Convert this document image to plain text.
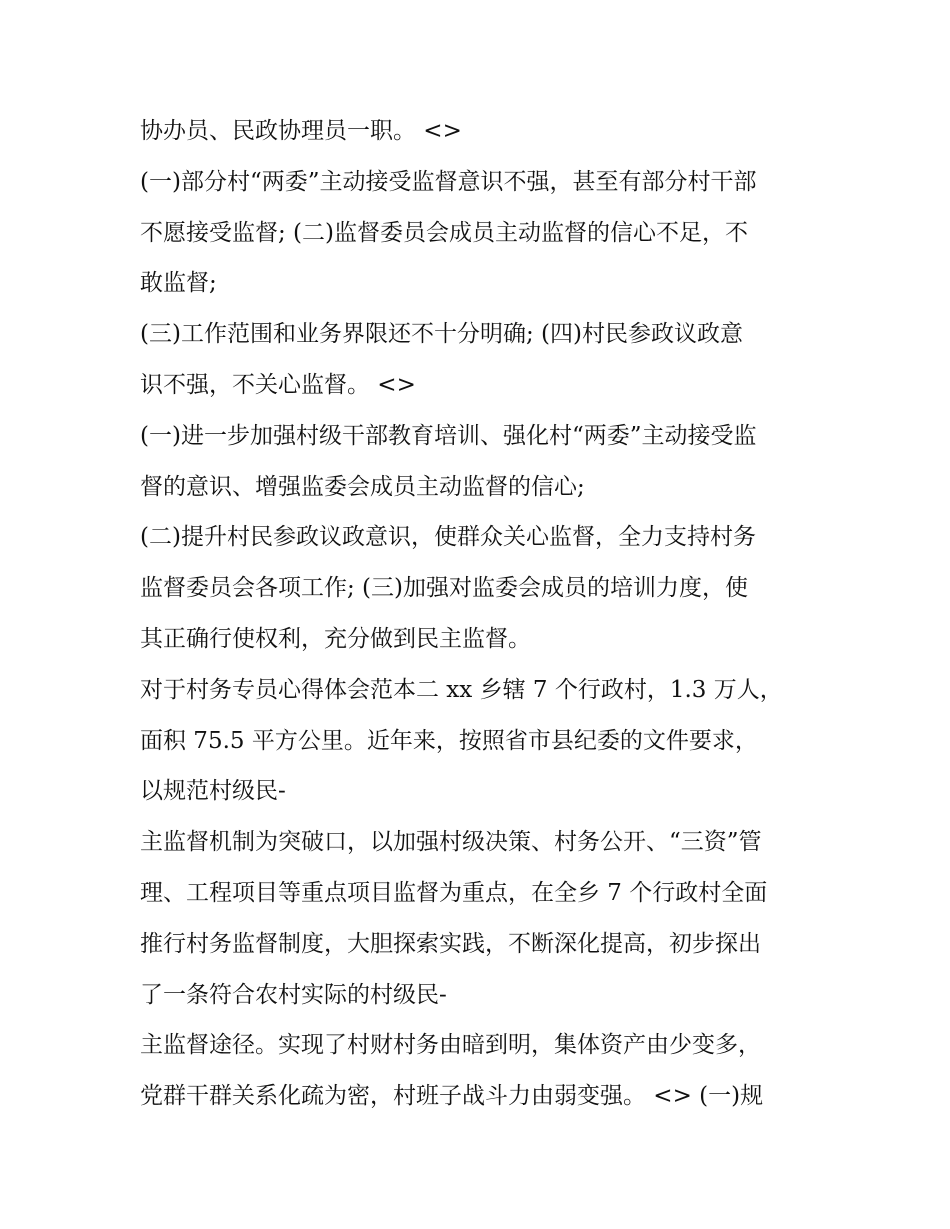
协办员、民政协理员一职。 <>
(一)部分村“两委”主动接受监督意识不强，甚至有部分村干部
不愿接受监督; (二)监督委员会成员主动监督的信心不足，不
敢监督;
(三)工作范围和业务界限还不十分明确; (四)村民参政议政意
识不强，不关心监督。 <>
(一)进一步加强村级干部教育培训、强化村“两委”主动接受监
督的意识、增强监委会成员主动监督的信心;
(二)提升村民参政议政意识，使群众关心监督，全力支持村务
监督委员会各项工作; (三)加强对监委会成员的培训力度，使
其正确行使权利，充分做到民主监督。
对于村务专员心得体会范本二 xx 乡辖 7 个行政村，1.3 万人，
面积 75.5 平方公里。近年来，按照省市县纪委的文件要求，
以规范村级民-
主监督机制为突破口，以加强村级决策、村务公开、“三资”管
理、工程项目等重点项目监督为重点，在全乡 7 个行政村全面
推行村务监督制度，大胆探索实践，不断深化提高，初步探出
了一条符合农村实际的村级民-
主监督途径。实现了村财村务由暗到明，集体资产由少变多，
党群干群关系化疏为密，村班子战斗力由弱变强。 <> (一)规
